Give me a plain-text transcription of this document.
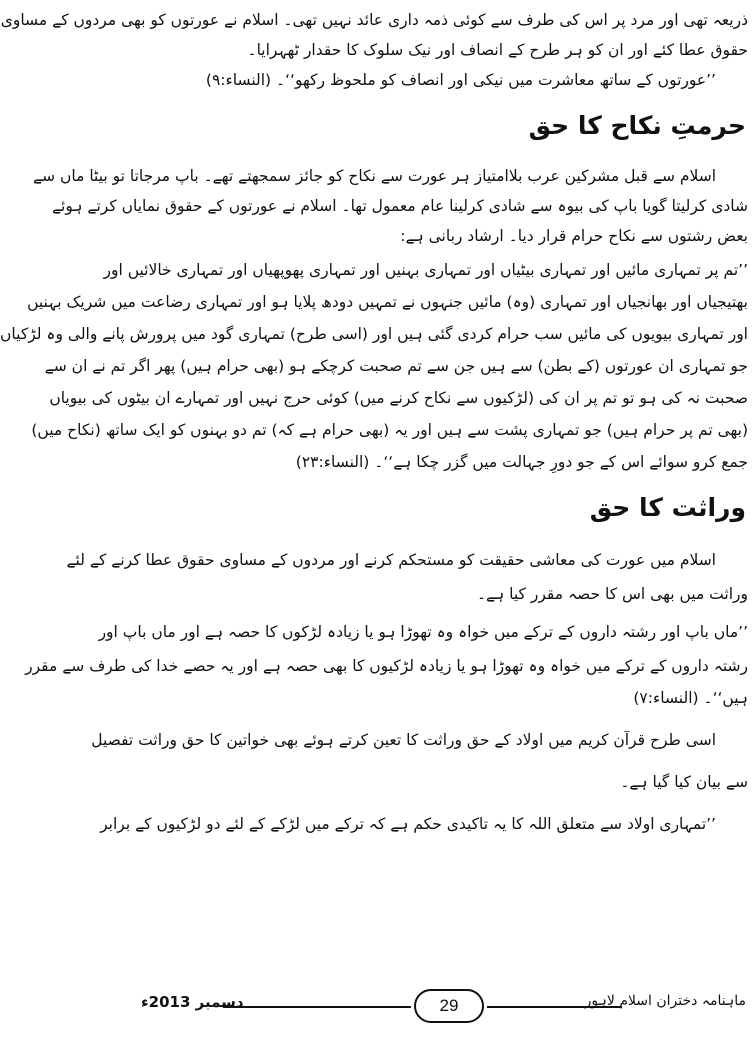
ذریعہ تھی اور مرد پر اس کی طرف سے کوئی ذمہ داری عائد نہیں تھی۔ اسلام نے عورتوں کو بھی مردوں کے مساوی
حقوق عطا کئے اور ان کو ہر طرح کے انصاف اور نیک سلوک کا حقدار ٹھہرایا۔
’’عورتوں کے ساتھ معاشرت میں نیکی اور انصاف کو ملحوظ رکھو‘‘۔ (النساء:۹)
حرمتِ نکاح کا حق
اسلام سے قبل مشرکین عرب بلاامتیاز ہر عورت سے نکاح کو جائز سمجھتے تھے۔ باپ مرجاتا تو بیٹا ماں سے
شادی کرلیتا گویا باپ کی بیوہ سے شادی کرلینا عام معمول تھا۔ اسلام نے عورتوں کے حقوق نمایاں کرتے ہوئے
بعض رشتوں سے نکاح حرام قرار دیا۔ ارشاد ربانی ہے:
’’تم پر تمہاری مائیں اور تمہاری بیٹیاں اور تمہاری بہنیں اور تمہاری پھوپھیاں اور تمہاری خالائیں اور
بھتیجیاں اور بھانجیاں اور تمہاری (وہ) مائیں جنہوں نے تمہیں دودھ پلایا ہو اور تمہاری رضاعت میں شریک بہنیں
اور تمہاری بیویوں کی مائیں سب حرام کردی گئی ہیں اور (اسی طرح) تمہاری گود میں پرورش پانے والی وہ لڑکیاں
جو تمہاری ان عورتوں (کے بطن) سے ہیں جن سے تم صحبت کرچکے ہو (بھی حرام ہیں) پھر اگر تم نے ان سے
صحبت نہ کی ہو تو تم پر ان کی (لڑکیوں سے نکاح کرنے میں) کوئی حرج نہیں اور تمہارے ان بیٹوں کی بیویاں
(بھی تم پر حرام ہیں) جو تمہاری پشت سے ہیں اور یہ (بھی حرام ہے کہ) تم دو بہنوں کو ایک ساتھ (نکاح میں)
جمع کرو سوائے اس کے جو دورِ جہالت میں گزر چکا ہے‘‘۔ (النساء:۲۳)
وراثت کا حق
اسلام میں عورت کی معاشی حقیقت کو مستحکم کرنے اور مردوں کے مساوی حقوق عطا کرنے کے لئے
وراثت میں بھی اس کا حصہ مقرر کیا ہے۔
’’ماں باپ اور رشتہ داروں کے ترکے میں خواہ وہ تھوڑا ہو یا زیادہ لڑکوں کا حصہ ہے اور ماں باپ اور
رشتہ داروں کے ترکے میں خواہ وہ تھوڑا ہو یا زیادہ لڑکیوں کا بھی حصہ ہے اور یہ حصے خدا کی طرف سے مقرر
ہیں‘‘۔ (النساء:۷)
اسی طرح قرآن کریم میں اولاد کے حق وراثت کا تعین کرتے ہوئے بھی خواتین کا حق وراثت تفصیل
سے بیان کیا گیا ہے۔
’’تمہاری اولاد سے متعلق اللہ کا یہ تاکیدی حکم ہے کہ ترکے میں لڑکے کے لئے دو لڑکیوں کے برابر
29	ماہنامہ دختران اسلام لاہور
دسمبر 2013ء
